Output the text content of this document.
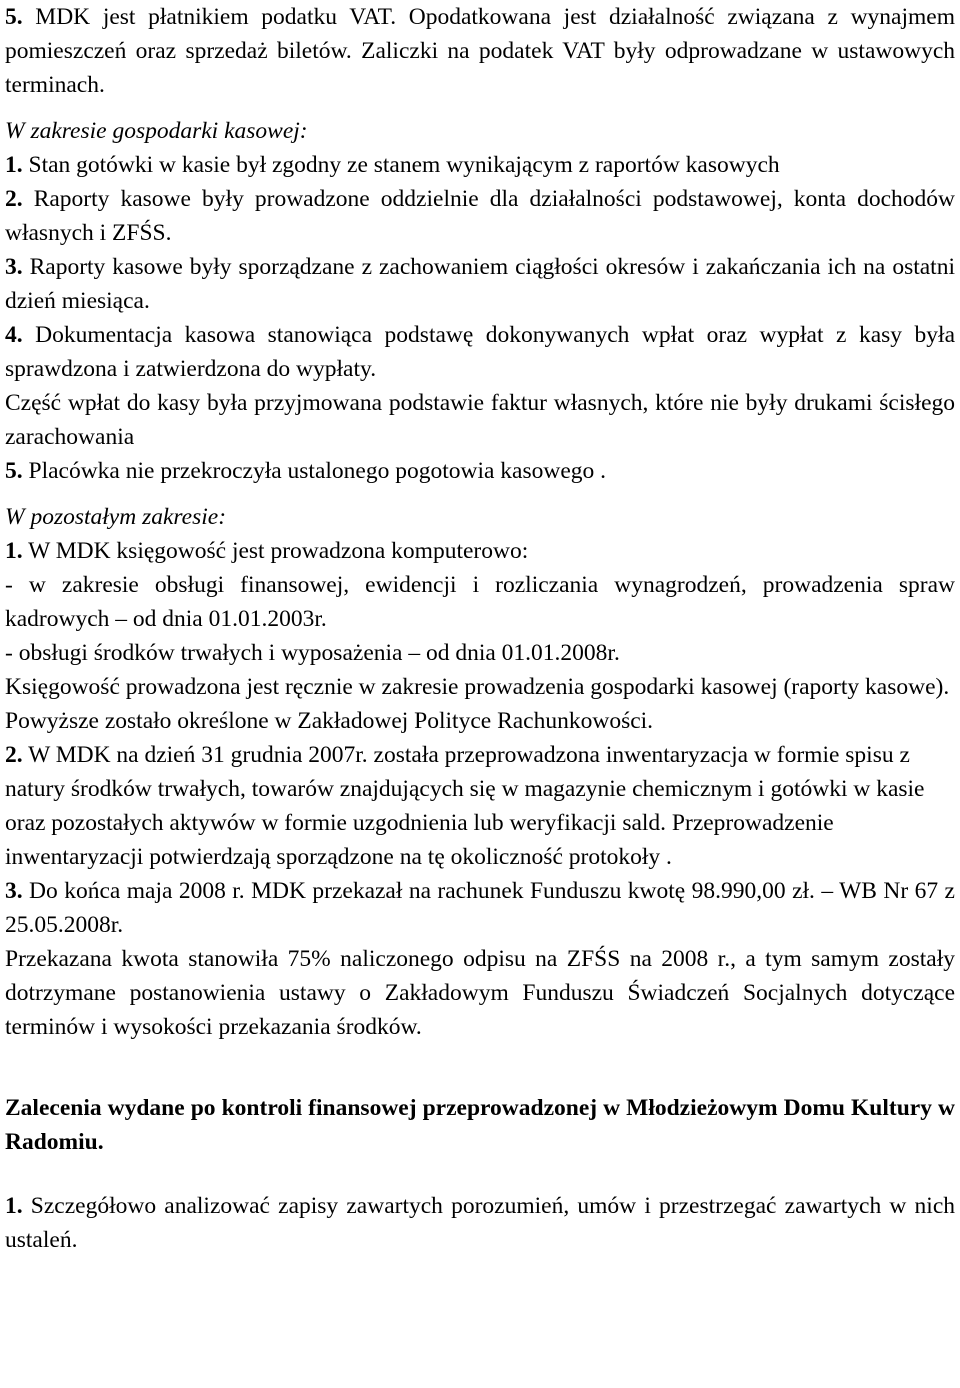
5. MDK jest płatnikiem podatku VAT. Opodatkowana jest działalność związana z wynajmem pomieszczeń oraz sprzedaż biletów. Zaliczki na podatek VAT były odprowadzane w ustawowych terminach.

W zakresie gospodarki kasowej:

1. Stan gotówki w kasie był zgodny ze stanem wynikającym z raportów kasowych

2. Raporty kasowe były prowadzone oddzielnie dla działalności podstawowej, konta dochodów własnych i ZFŚS.

3. Raporty kasowe były sporządzane z zachowaniem ciągłości okresów i zakańczania ich na ostatni dzień miesiąca.

4. Dokumentacja kasowa stanowiąca podstawę dokonywanych wpłat oraz wypłat z kasy była sprawdzona i zatwierdzona do wypłaty.

Część wpłat do kasy była przyjmowana podstawie faktur własnych, które nie były drukami ścisłego zarachowania

5. Placówka nie przekroczyła ustalonego pogotowia kasowego .

W pozostałym zakresie:

1. W MDK księgowość jest prowadzona komputerowo:

- w zakresie obsługi finansowej, ewidencji i rozliczania wynagrodzeń, prowadzenia spraw kadrowych – od dnia 01.01.2003r.

- obsługi środków trwałych i wyposażenia – od dnia 01.01.2008r.

Księgowość prowadzona jest ręcznie w zakresie prowadzenia gospodarki kasowej (raporty kasowe).

Powyższe zostało określone w Zakładowej Polityce Rachunkowości.

2. W MDK na dzień 31 grudnia 2007r. została przeprowadzona inwentaryzacja w formie spisu z natury środków trwałych, towarów znajdujących się w magazynie chemicznym i gotówki w kasie oraz pozostałych aktywów w formie uzgodnienia lub weryfikacji sald. Przeprowadzenie inwentaryzacji potwierdzają sporządzone na tę okoliczność protokoły .

3. Do końca maja 2008 r. MDK przekazał na rachunek Funduszu kwotę 98.990,00 zł. – WB Nr 67 z 25.05.2008r.

Przekazana kwota stanowiła 75% naliczonego odpisu na ZFŚS na 2008 r., a tym samym zostały dotrzymane postanowienia ustawy o Zakładowym Funduszu Świadczeń Socjalnych dotyczące terminów i wysokości przekazania środków.

Zalecenia wydane po kontroli finansowej przeprowadzonej w Młodzieżowym Domu Kultury w Radomiu.

1. Szczegółowo analizować zapisy zawartych porozumień, umów i przestrzegać zawartych w nich ustaleń.
